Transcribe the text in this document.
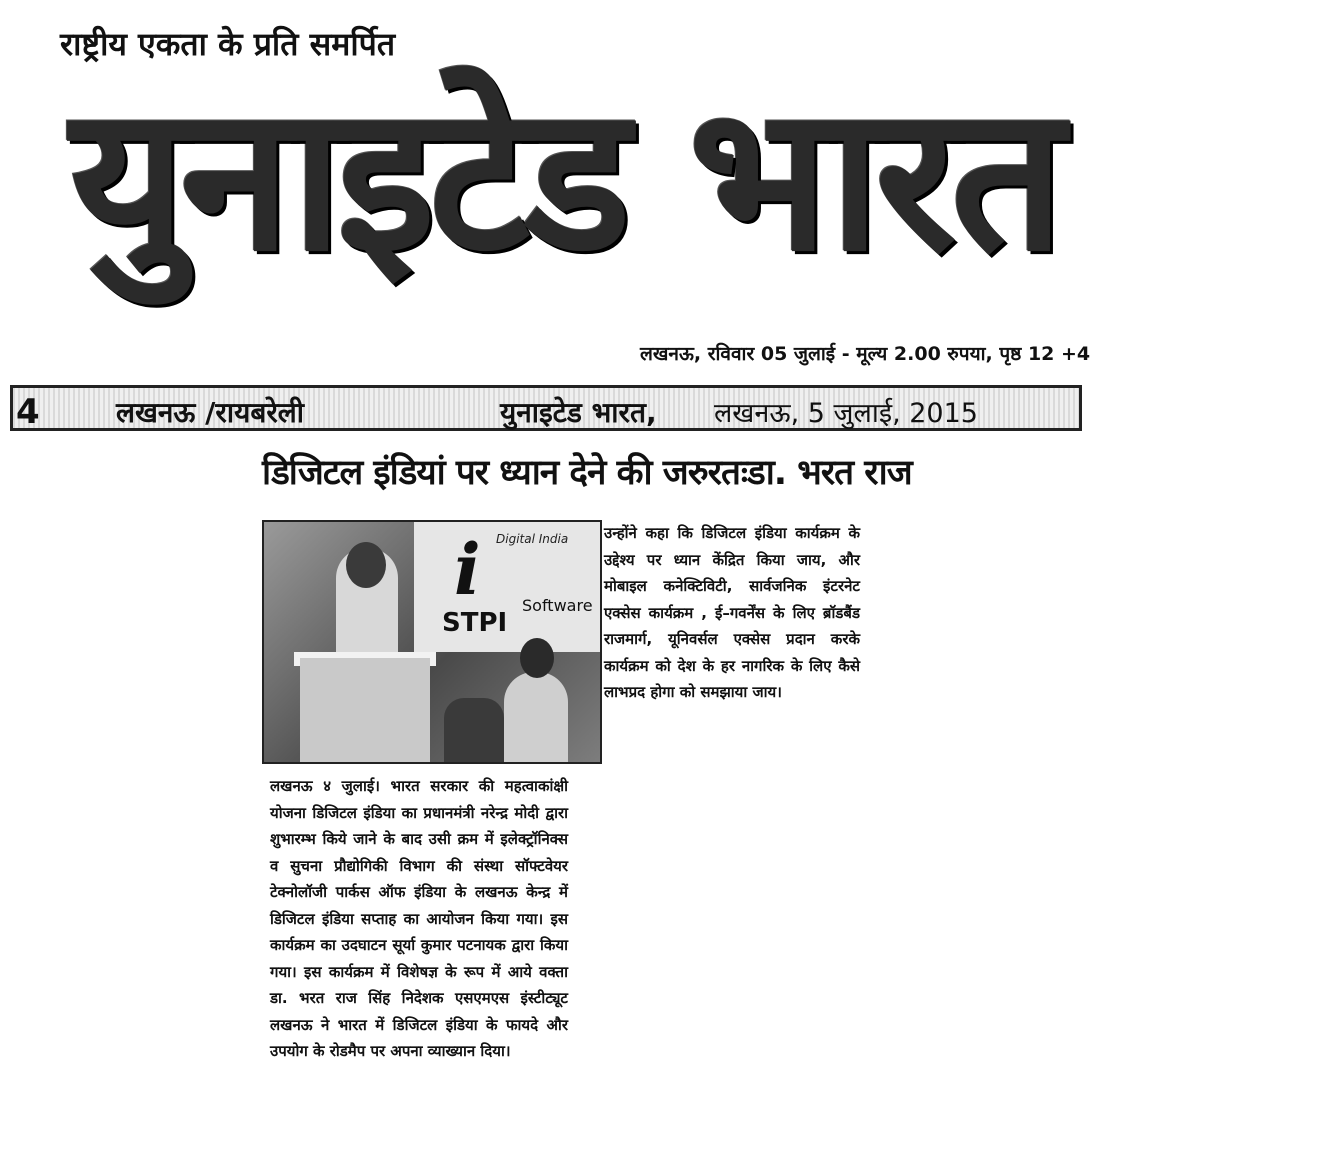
राष्ट्रीय एकता के प्रति समर्पित
युनाइटेड भारत
लखनऊ, रविवार 05 जुलाई - मूल्य 2.00 रुपया, पृष्ठ 12 +4
4	लखनऊ /रायबरेली	युनाइटेड भारत, लखनऊ, 5 जुलाई, 2015
डिजिटल इंडियां पर ध्यान देने की जरुरतःडा. भरत राज
i Digital India
STPI
Software

उन्होंने कहा कि डिजिटल इंडिया कार्यक्रम के उद्देश्य पर ध्यान केंद्रित किया जाय, और मोबाइल कनेक्टिविटी, सार्वजनिक इंटरनेट एक्सेस कार्यक्रम , ई–गवर्नेंस के लिए ब्रॉडबैंड राजमार्ग, यूनिवर्सल एक्सेस प्रदान करके कार्यक्रम को देश के हर नागरिक के लिए कैसे लाभप्रद होगा को समझाया जाय।

लखनऊ ४ जुलाई। भारत सरकार की महत्वाकांक्षी योजना डिजिटल इंडिया का प्रधानमंत्री नरेन्द्र मोदी द्वारा शुभारम्भ किये जाने के बाद उसी क्रम में इलेक्ट्रॉनिक्स व सुचना प्रौद्योगिकी विभाग की संस्था सॉफ्टवेयर टेक्नोलॉजी पार्कस ऑफ इंडिया के लखनऊ केन्द्र में डिजिटल इंडिया सप्ताह का आयोजन किया गया। इस कार्यक्रम का उदघाटन सूर्या कुमार पटनायक द्वारा किया गया। इस कार्यक्रम में विशेषज्ञ के रूप में आये वक्ता डा. भरत राज सिंह निदेशक एसएमएस इंस्टीट्यूट लखनऊ ने भारत में डिजिटल इंडिया के फायदे और उपयोग के रोडमैप पर अपना व्याख्यान दिया।
